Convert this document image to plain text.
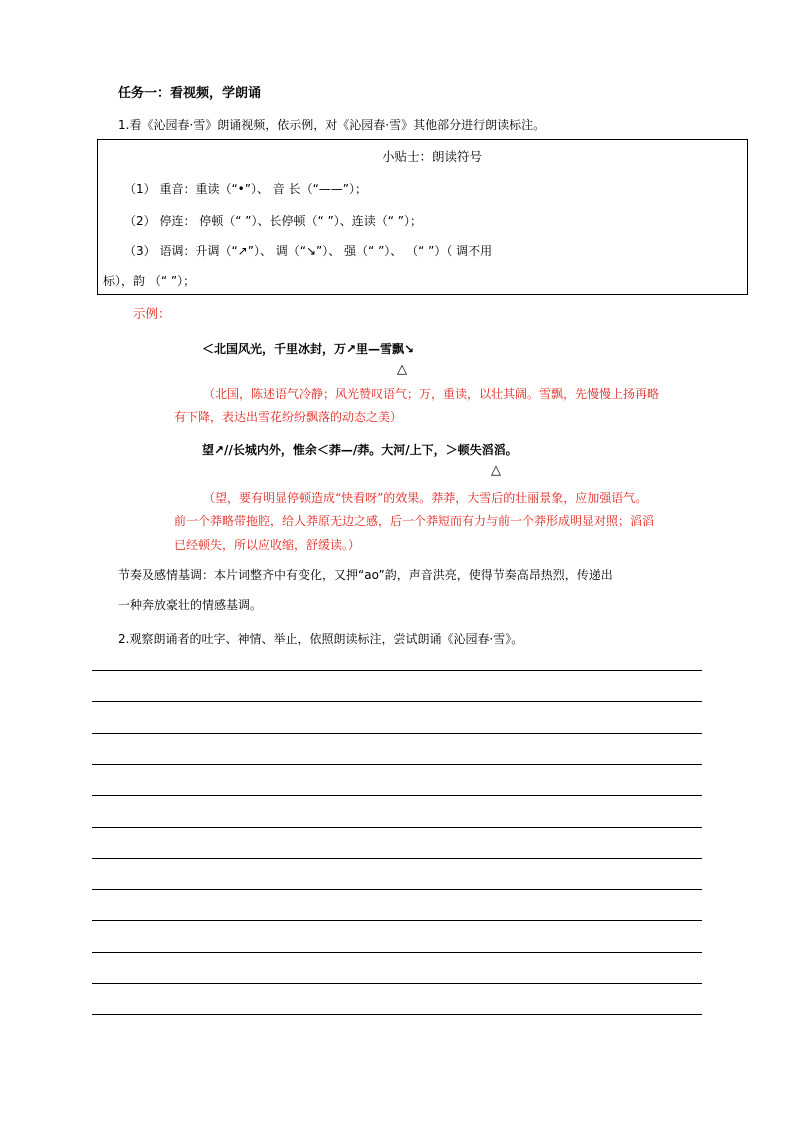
任务一：看视频，学朗诵
1.看《沁园春·雪》朗诵视频，依示例，对《沁园春·雪》其他部分进行朗读标注。
小贴士：朗读符号
（1） 重音：重读（“•”）、 音 长（“——”）；
（2） 停连： 停顿（“ ”）、长停顿（“ ”）、连读（“ ”）；
（3） 语调：升调（“↗”）、 调（“↘”）、 强（“ ”）、 （“ ”）（ 调不用
标），韵 （“ ”）；
示例：
＜北国风光，千里冰封，万↗里—雪飘↘
△
（北国，陈述语气冷静；风光赞叹语气；万，重读，以壮其阔。雪飘，先慢慢上扬再略
有下降，表达出雪花纷纷飘落的动态之美）
望↗//长城内外，惟余＜莽—/莽。大河/上下，＞顿失滔滔。
△
（望，要有明显停顿造成“快看呀”的效果。莽莽，大雪后的壮丽景象，应加强语气。
前一个莽略带拖腔，给人莽原无边之感，后一个莽短而有力与前一个莽形成明显对照；滔滔
已经顿失，所以应收缩，舒缓读。）
节奏及感情基调：本片词整齐中有变化，又押“ao”韵，声音洪亮，使得节奏高昂热烈，传递出
一种奔放豪壮的情感基调。
2.观察朗诵者的吐字、神情、举止，依照朗读标注，尝试朗诵《沁园春·雪》。
